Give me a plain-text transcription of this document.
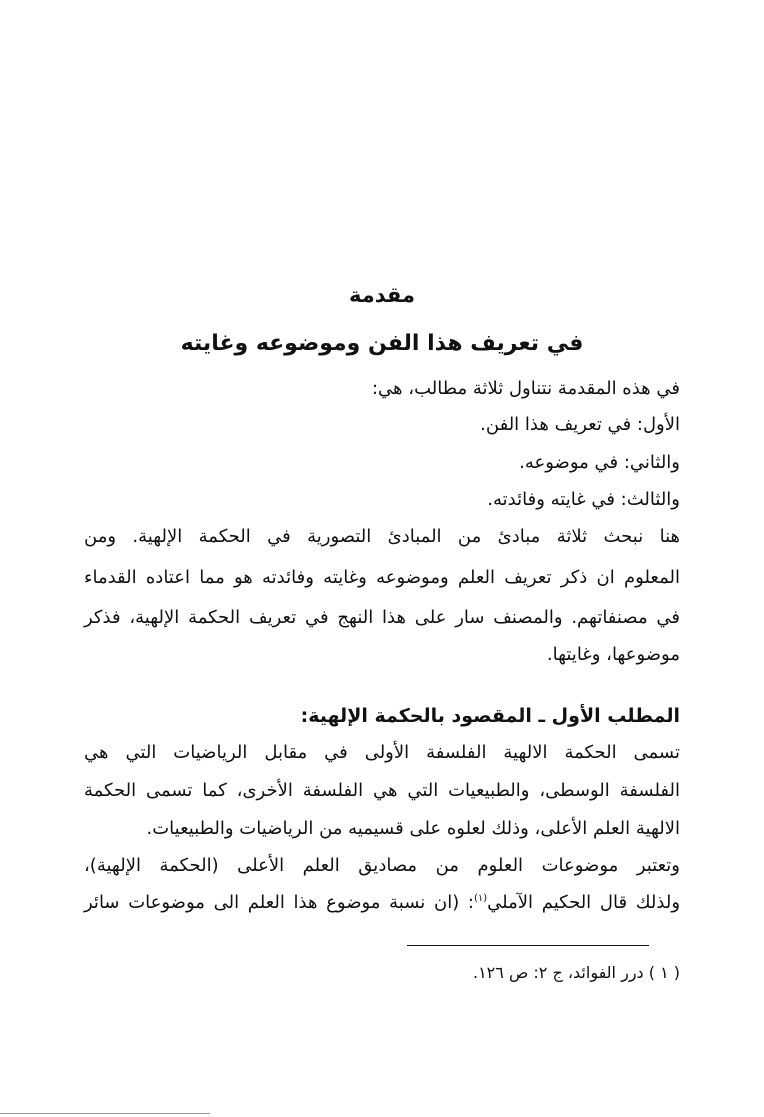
مقدمة
في تعريف هذا الفن وموضوعه وغايته
في هذه المقدمة نتناول ثلاثة مطالب، هي:
الأول: في تعريف هذا الفن.
والثاني: في موضوعه.
والثالث: في غايته وفائدته.
هنا نبحث ثلاثة مبادئ من المبادئ التصورية في الحكمة الإلهية. ومن
المعلوم ان ذكر تعريف العلم وموضوعه وغايته وفائدته هو مما اعتاده القدماء
في مصنفاتهم. والمصنف سار على هذا النهج في تعريف الحكمة الإلهية، فذكر
موضوعها، وغايتها.
المطلب الأول ـ المقصود بالحكمة الإلهية:
تسمى الحكمة الالهية الفلسفة الأولى في مقابل الرياضيات التي هي
الفلسفة الوسطى، والطبيعيات التي هي الفلسفة الأخرى، كما تسمى الحكمة
الالهية العلم الأعلى، وذلك لعلوه على قسيميه من الرياضيات والطبيعيات.
وتعتبر موضوعات العلوم من مصاديق العلم الأعلى (الحكمة الإلهية)،
ولذلك قال الحكيم الآملي$^{(١)}$: (ان نسبة موضوع هذا العلم الى موضوعات سائر
( ١ ) درر الفوائد، ج ٢: ص ١٢٦.
